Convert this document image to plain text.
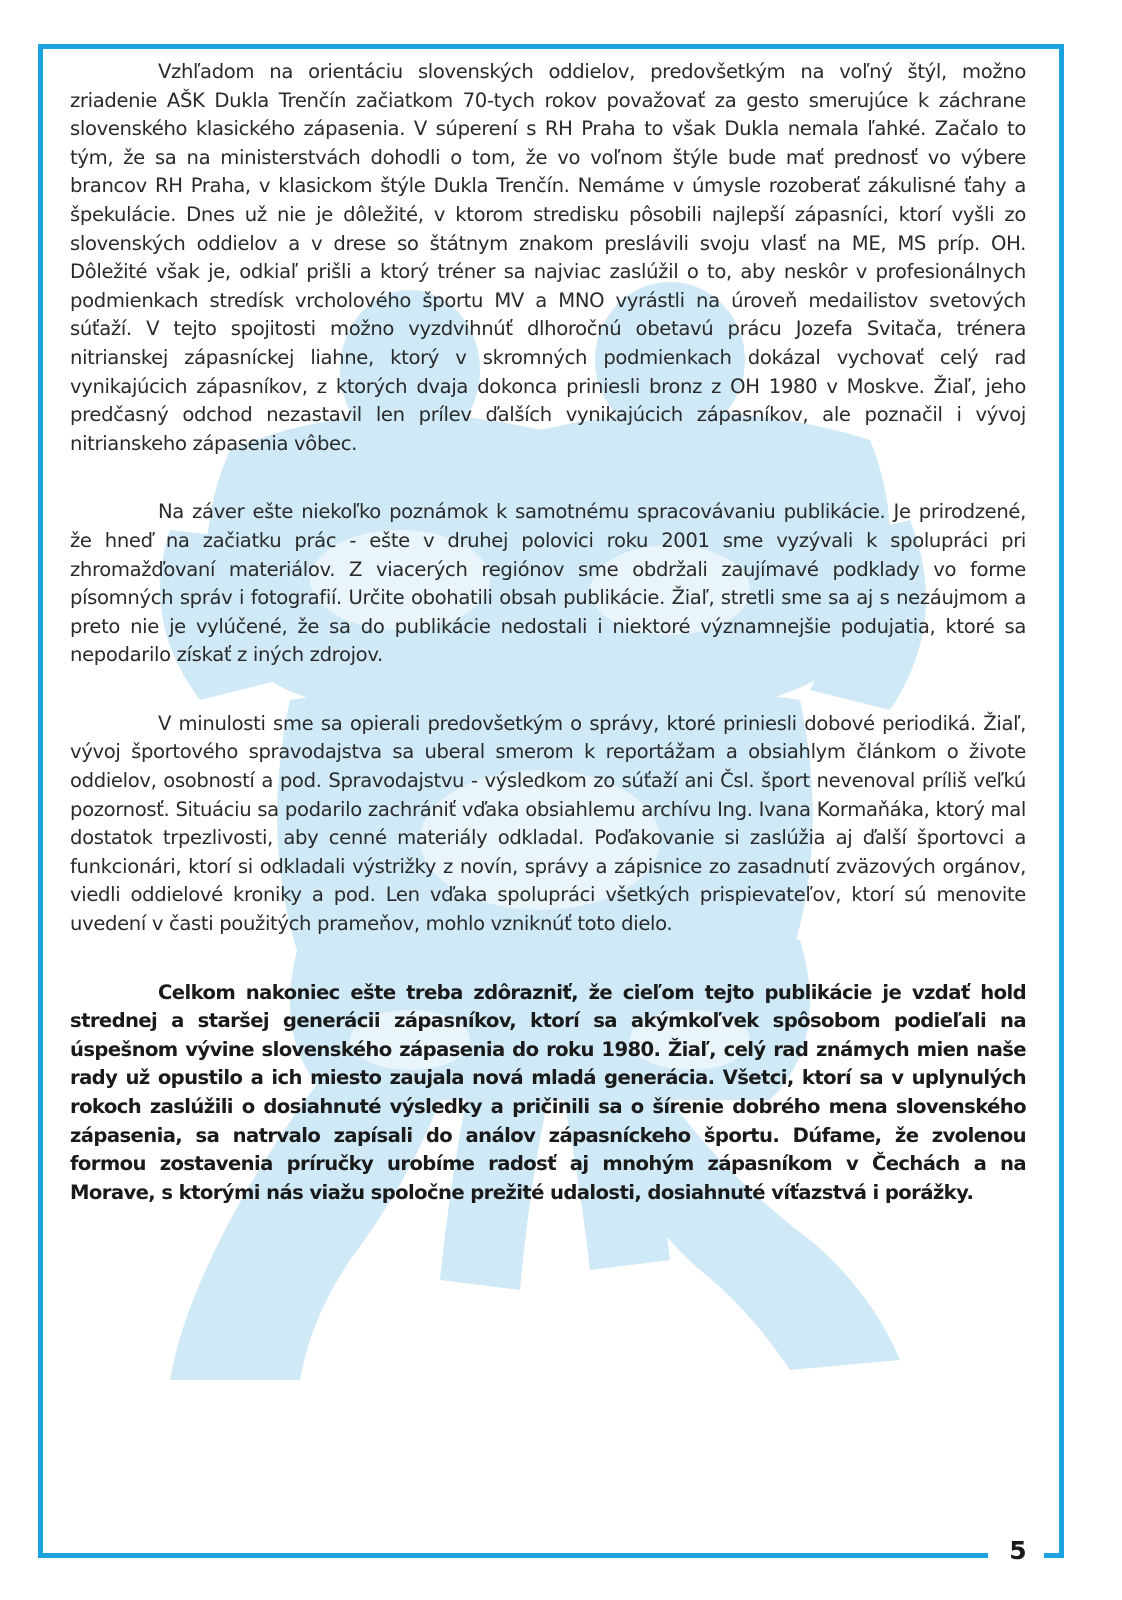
5

Vzhľadom na orientáciu slovenských oddielov, predovšetkým na voľný štýl, možno zriadenie AŠK Dukla Trenčín začiatkom 70-tych rokov považovať za gesto smerujúce k záchrane slovenského klasického zápasenia. V súperení s RH Praha to však Dukla nemala ľahké. Začalo to tým, že sa na ministerstvách dohodli o tom, že vo voľnom štýle bude mať prednosť vo výbere brancov RH Praha, v klasickom štýle Dukla Trenčín. Nemáme v úmysle rozoberať zákulisné ťahy a špekulácie. Dnes už nie je dôležité, v ktorom stredisku pôsobili najlepší zápasníci, ktorí vyšli zo slovenských oddielov a v drese so štátnym znakom preslávili svoju vlasť na ME, MS príp. OH. Dôležité však je, odkiaľ prišli a ktorý tréner sa najviac zaslúžil o to, aby neskôr v profesionálnych podmienkach stredísk vrcholového športu MV a MNO vyrástli na úroveň medailistov svetových súťaží. V tejto spojitosti možno vyzdvihnúť dlhoročnú obetavú prácu Jozefa Svitača, trénera nitrianskej zápasníckej liahne, ktorý v skromných podmienkach dokázal vychovať celý rad vynikajúcich zápasníkov, z ktorých dvaja dokonca priniesli bronz z OH 1980 v Moskve. Žiaľ, jeho predčasný odchod nezastavil len prílev ďalších vynikajúcich zápasníkov, ale poznačil i vývoj nitrianskeho zápasenia vôbec.

Na záver ešte niekoľko poznámok k samotnému spracovávaniu publikácie. Je prirodzené, že hneď na začiatku prác - ešte v druhej polovici roku 2001 sme vyzývali k spolupráci pri zhromažďovaní materiálov. Z viacerých regiónov sme obdržali zaujímavé podklady vo forme písomných správ i fotografií. Určite obohatili obsah publikácie. Žiaľ, stretli sme sa aj s nezáujmom a preto nie je vylúčené, že sa do publikácie nedostali i niektoré významnejšie podujatia, ktoré sa nepodarilo získať z iných zdrojov.

V minulosti sme sa opierali predovšetkým o správy, ktoré priniesli dobové periodiká. Žiaľ, vývoj športového spravodajstva sa uberal smerom k reportážam a obsiahlym článkom o živote oddielov, osobností a pod. Spravodajstvu - výsledkom zo súťaží ani Čsl. šport nevenoval príliš veľkú pozornosť. Situáciu sa podarilo zachrániť vďaka obsiahlemu archívu Ing. Ivana Kormaňáka, ktorý mal dostatok trpezlivosti, aby cenné materiály odkladal. Poďakovanie si zaslúžia aj ďalší športovci a funkcionári, ktorí si odkladali výstrižky z novín, správy a zápisnice zo zasadnutí zväzových orgánov, viedli oddielové kroniky a pod. Len vďaka spolupráci všetkých prispievateľov, ktorí sú menovite uvedení v časti použitých prameňov, mohlo vzniknúť toto dielo.

Celkom nakoniec ešte treba zdôrazniť, že cieľom tejto publikácie je vzdať hold strednej a staršej generácii zápasníkov, ktorí sa akýmkoľvek spôsobom podieľali na úspešnom vývine slovenského zápasenia do roku 1980. Žiaľ, celý rad známych mien naše rady už opustilo a ich miesto zaujala nová mladá generácia. Všetci, ktorí sa v uplynulých rokoch zaslúžili o dosiahnuté výsledky a pričinili sa o šírenie dobrého mena slovenského zápasenia, sa natrvalo zapísali do análov zápasníckeho športu. Dúfame, že zvolenou formou zostavenia príručky urobíme radosť aj mnohým zápasníkom v Čechách a na Morave, s ktorými nás viažu spoločne prežité udalosti, dosiahnuté víťazstvá i porážky.
